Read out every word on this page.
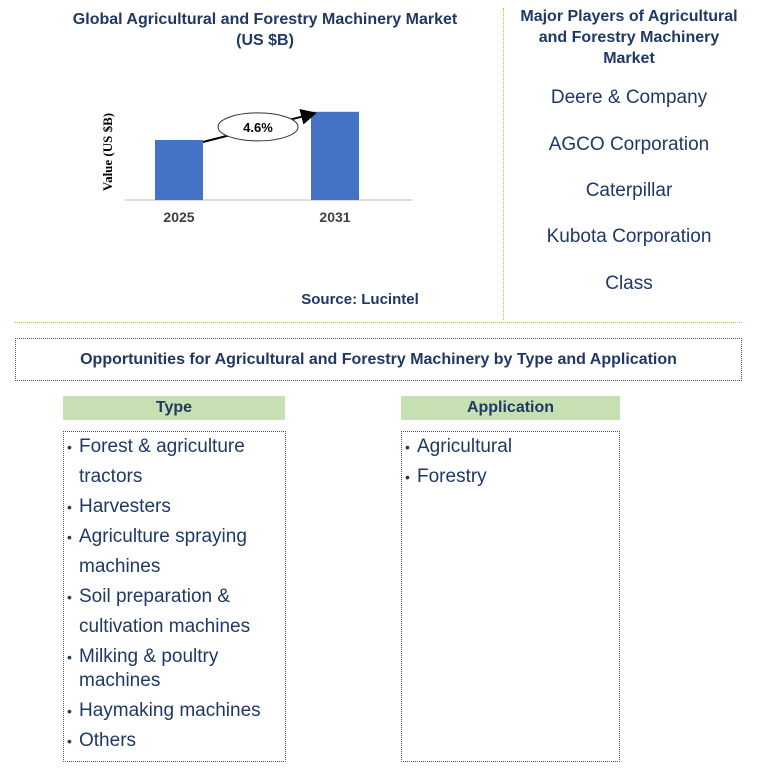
Global Agricultural and Forestry Machinery Market (US $B)
Value (US $B)
2025	2031
4.6%
Source: Lucintel
Major Players of Agricultural and Forestry Machinery Market
Deere & Company
AGCO Corporation
Caterpillar
Kubota Corporation
Class
Opportunities for Agricultural and Forestry Machinery by Type and Application
Type
• Forest & agriculture tractors
• Harvesters
• Agriculture spraying machines
• Soil preparation & cultivation machines
• Milking & poultry machines
• Haymaking machines
• Others
Application
• Agricultural
• Forestry
